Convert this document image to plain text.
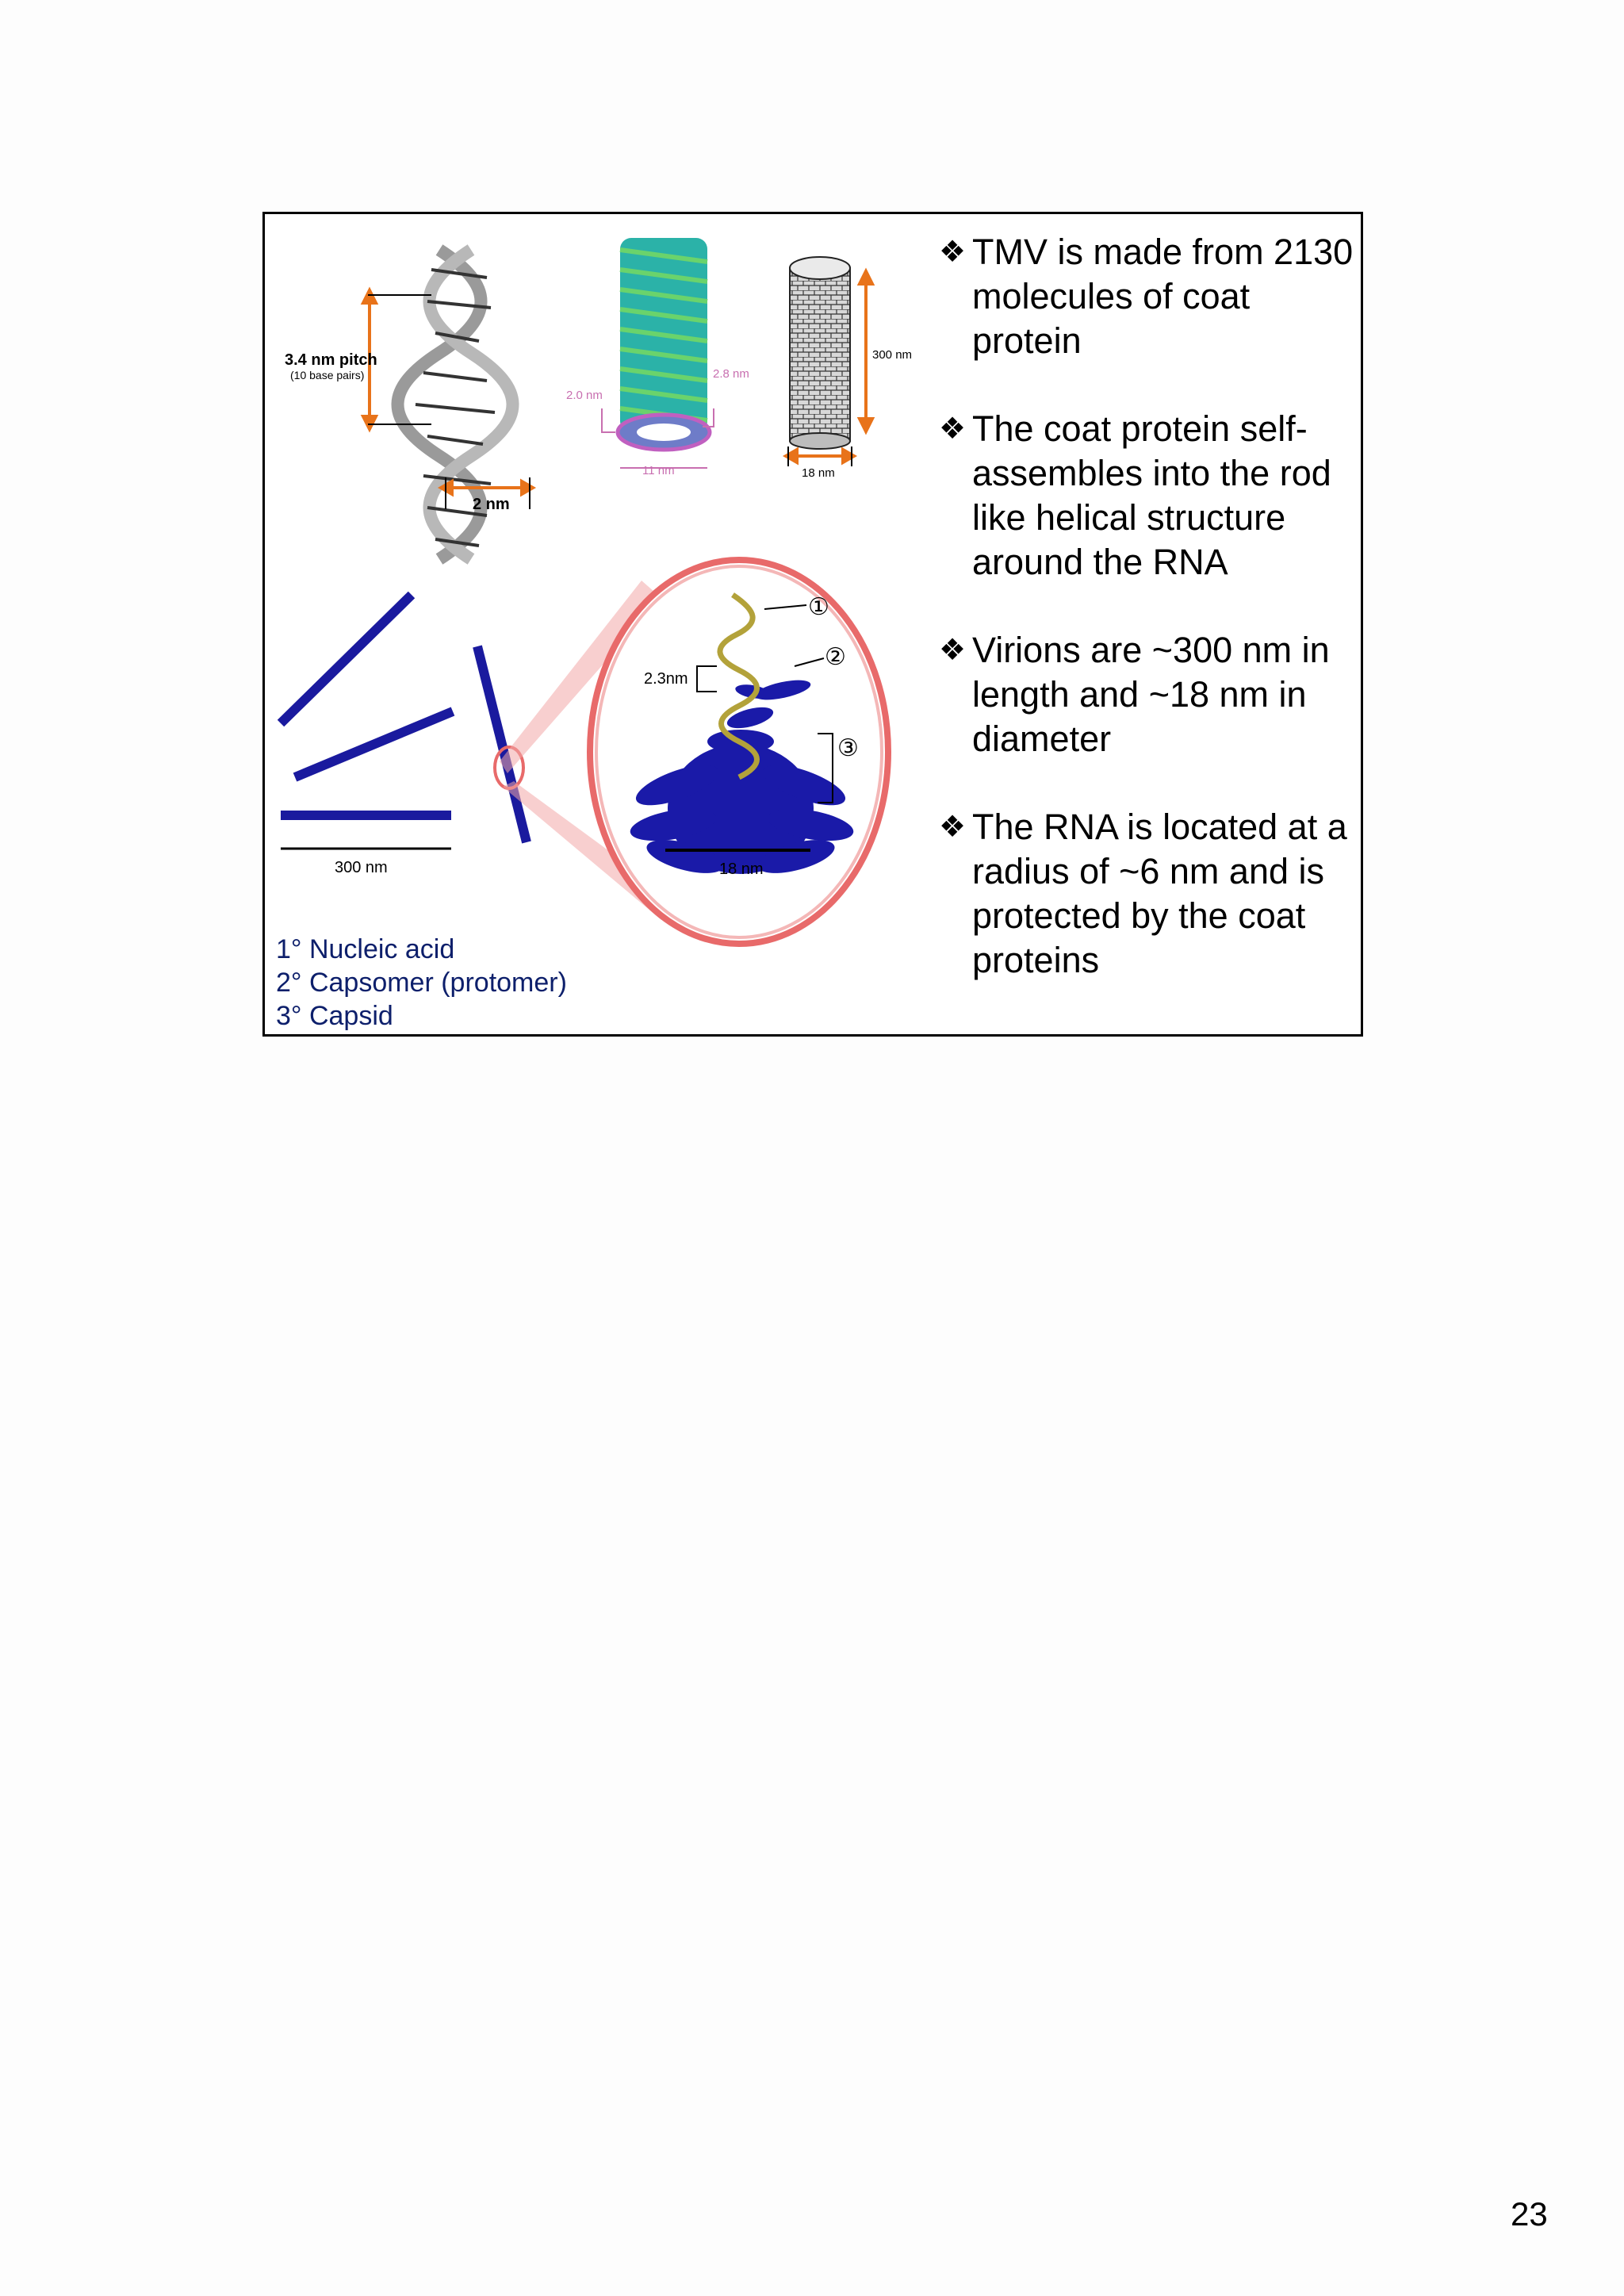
3.4 nm pitch
(10 base pairs)
2 nm
2.0 nm
2.8 nm
11 nm
300 nm
18 nm
300 nm	18 nm
2.3nm
①
②
③
❖ TMV is made from 2130 molecules of coat protein
❖ The coat protein self-assembles into the rod like helical structure around the RNA
❖ Virions are ~300 nm in length and ~18 nm in diameter
❖ The RNA is located at a radius of ~6 nm and is protected by the coat proteins
1° Nucleic acid
2° Capsomer (protomer)
3° Capsid
23
